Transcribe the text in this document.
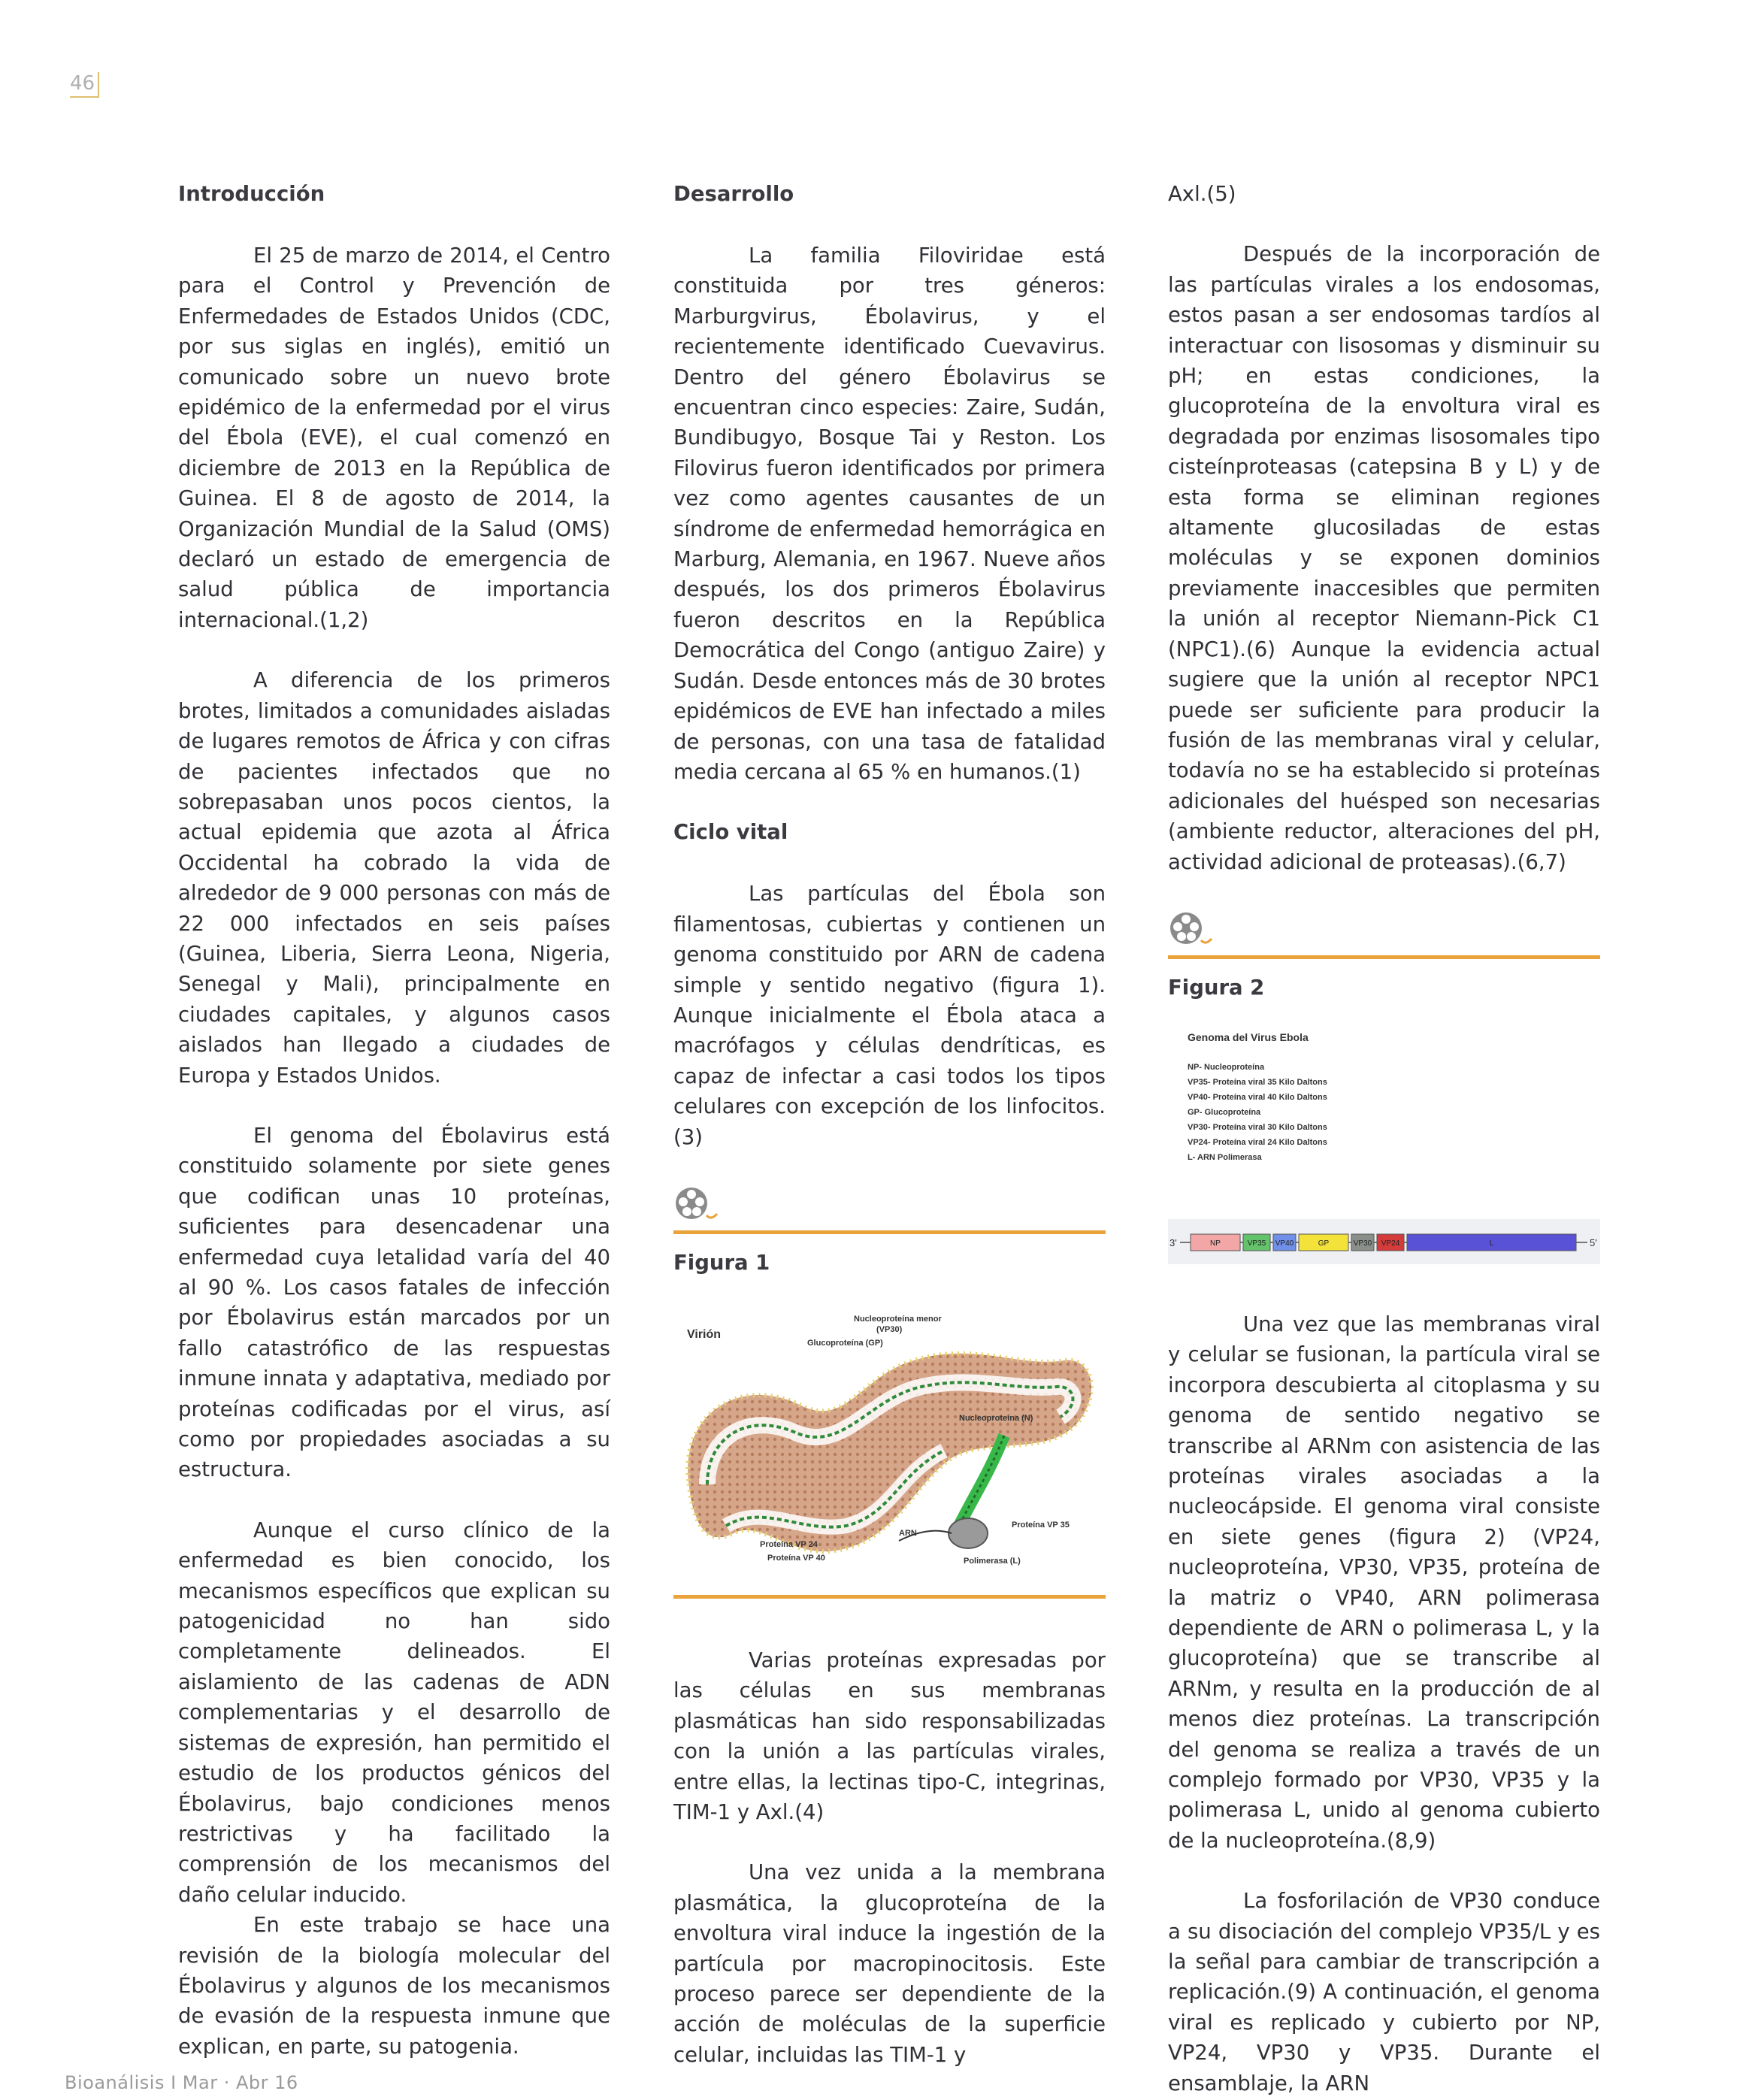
46
Introducción

El 25 de marzo de 2014, el Centro para el Control y Prevención de Enfermedades de Estados Unidos (CDC, por sus siglas en inglés), emitió un comunicado sobre un nuevo brote epidémico de la enfermedad por el virus del Ébola (EVE), el cual comenzó en diciembre de 2013 en la República de Guinea. El 8 de agosto de 2014, la Organización Mundial de la Salud (OMS) declaró un estado de emergencia de salud pública de importancia internacional.(1,2)

A diferencia de los primeros brotes, limitados a comunidades aisladas de lugares remotos de África y con cifras de pacientes infectados que no sobrepasaban unos pocos cientos, la actual epidemia que azota al África Occidental ha cobrado la vida de alrededor de 9 000 personas con más de 22 000 infectados en seis países (Guinea, Liberia, Sierra Leona, Nigeria, Senegal y Mali), principalmente en ciudades capitales, y algunos casos aislados han llegado a ciudades de Europa y Estados Unidos.

El genoma del Ébolavirus está constituido solamente por siete genes que codifican unas 10 proteínas, suficientes para desencadenar una enfermedad cuya letalidad varía del 40 al 90 %. Los casos fatales de infección por Ébolavirus están marcados por un fallo catastrófico de las respuestas inmune innata y adaptativa, mediado por proteínas codificadas por el virus, así como por propiedades asociadas a su estructura.

Aunque el curso clínico de la enfermedad es bien conocido, los mecanismos específicos que explican su patogenicidad no han sido completamente delineados. El aislamiento de las cadenas de ADN complementarias y el desarrollo de sistemas de expresión, han permitido el estudio de los productos génicos del Ébolavirus, bajo condiciones menos restrictivas y ha facilitado la comprensión de los mecanismos del daño celular inducido.

En este trabajo se hace una revisión de la biología molecular del Ébolavirus y algunos de los mecanismos de evasión de la respuesta inmune que explican, en parte, su patogenia.

Desarrollo

La familia Filoviridae está constituida por tres géneros: Marburgvirus, Ébolavirus, y el recientemente identificado Cuevavirus. Dentro del género Ébolavirus se encuentran cinco especies: Zaire, Sudán, Bundibugyo, Bosque Tai y Reston. Los Filovirus fueron identificados por primera vez como agentes causantes de un síndrome de enfermedad hemorrágica en Marburg, Alemania, en 1967. Nueve años después, los dos primeros Ébolavirus fueron descritos en la República Democrática del Congo (antiguo Zaire) y Sudán. Desde entonces más de 30 brotes epidémicos de EVE han infectado a miles de personas, con una tasa de fatalidad media cercana al 65 % en humanos.(1)

Ciclo vital

Las partículas del Ébola son filamentosas, cubiertas y contienen un genoma constituido por ARN de cadena simple y sentido negativo (figura 1). Aunque inicialmente el Ébola ataca a macrófagos y células dendríticas, es capaz de infectar a casi todos los tipos celulares con excepción de los linfocitos.(3)

Figura 1
Virión
Nucleoproteína menor
(VP30)
Glucoproteína (GP)
Nucleoproteína (N)
Proteína VP 35
ARN
Polimerasa (L)
Proteína VP 24
Proteína VP 40

Varias proteínas expresadas por las células en sus membranas plasmáticas han sido responsabilizadas con la unión a las partículas virales, entre ellas, la lectinas tipo-C, integrinas, TIM-1 y Axl.(4)

Una vez unida a la membrana plasmática, la glucoproteína de la envoltura viral induce la ingestión de la partícula por macropinocitosis. Este proceso parece ser dependiente de la acción de moléculas de la superficie celular, incluidas las TIM-1 y

Axl.(5)

Después de la incorporación de las partículas virales a los endosomas, estos pasan a ser endosomas tardíos al interactuar con lisosomas y disminuir su pH; en estas condiciones, la glucoproteína de la envoltura viral es degradada por enzimas lisosomales tipo cisteínproteasas (catepsina B y L) y de esta forma se eliminan regiones altamente glucosiladas de estas moléculas y se exponen dominios previamente inaccesibles que permiten la unión al receptor Niemann-Pick C1 (NPC1).(6) Aunque la evidencia actual sugiere que la unión al receptor NPC1 puede ser suficiente para producir la fusión de las membranas viral y celular, todavía no se ha establecido si proteínas adicionales del huésped son necesarias (ambiente reductor, alteraciones del pH, actividad adicional de proteasas).(6,7)

Figura 2
Genoma del Virus Ebola
NP- Nucleoproteína
VP35- Proteína viral 35 Kilo Daltons
VP40- Proteína viral 40 Kilo Daltons
GP- Glucoproteína
VP30- Proteína viral 30 Kilo Daltons
VP24- Proteína viral 24 Kilo Daltons
L- ARN Polimerasa
3'	5'
NP	VP35 VP40	GP	VP30 VP24	L

Una vez que las membranas viral y celular se fusionan, la partícula viral se incorpora descubierta al citoplasma y su genoma de sentido negativo se transcribe al ARNm con asistencia de las proteínas virales asociadas a la nucleocápside. El genoma viral consiste en siete genes (figura 2) (VP24, nucleoproteína, VP30, VP35, proteína de la matriz o VP40, ARN polimerasa dependiente de ARN o polimerasa L, y la glucoproteína) que se transcribe al ARNm, y resulta en la producción de al menos diez proteínas. La transcripción del genoma se realiza a través de un complejo formado por VP30, VP35 y la polimerasa L, unido al genoma cubierto de la nucleoproteína.(8,9)

La fosforilación de VP30 conduce a su disociación del complejo VP35/L y es la señal para cambiar de transcripción a replicación.(9) A continuación, el genoma viral es replicado y cubierto por NP, VP24, VP30 y VP35. Durante el ensamblaje, la ARN

Bioanálisis I Mar · Abr 16
